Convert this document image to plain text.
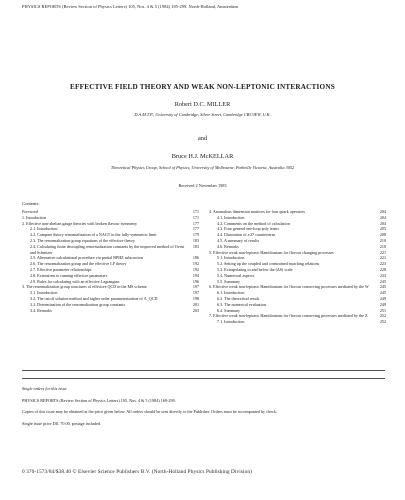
PHYSICS REPORTS (Review Section of Physics Letters) 105, Nos. 4 & 5 (1984) 185-299. North-Holland, Amsterdam
EFFECTIVE FIELD THEORY AND WEAK NON-LEPTONIC INTERACTIONS
Robert D.C. MILLER
D.A.M.T.P., University of Cambridge, Silver Street, Cambridge CB3 9EW, U.K.
and
Bruce H.J. McKELLAR
Theoretical Physics Group, School of Physics, University of Melbourne, Parkville Victoria, Australia 3052
Received 2 November 1983
Contents:
Foreword	171
1. Introduction	171
2. Effective non-abelian gauge theories with broken flavour symmetry	177
2.1. Introduction	177
2.2. Compare theory renormalization of a NAGT in the fully-symmetric limit	179
2.3. The renormalization group equations of the effective theory	183
2.4. Calculating finite decoupling renormalization constants by the improved method of Ovrut and Schnitzer
183
2.5. Alternative calculational procedure via partial BPHZ subtraction	186
2.6. The renormalization group and the effective LF theory	192
2.7. Effective parameter relationships	192
2.8. Extensions to running effective parameters	194
2.9. Rules for calculating with an effective Lagrangian	196
3. The renormalization group structures of effective QCD in the MS scheme	197
3.1. Introduction	197
3.2. The cutoff solution method and higher order parameterization of Λ_QCD	198
3.3. Determination of the renormalization group constants	201
3.4. Remarks	203
4. Anomalous dimension matrices for four quark operators	204
4.1. Introduction	204
4.2. Comments on the method of calculation	204
4.3. Four general one-loop poly terms	205
4.4. Illustration of a Z² counterterm	208
4.5. A summary of results	210
4.6. Remarks	218
5. Effective weak non-leptonic Hamiltonians for flavour changing processes	221
5.1. Introduction	221
5.2. Setting up the coupled and constrained matching relations	223
5.3. Extrapolating to and below the (ΔS) scale	228
5.4. Numerical aspects	233
5.5. Summary	245
6. Effective weak non-leptonic Hamiltonians for flavour conserving processes mediated by the W	245
6.1. Introduction	245
6.2. The theoretical result	249
6.3. The numerical evaluation	249
6.4. Summary	251
7. Effective weak non-leptonic Hamiltonians for flavour conserving processes mediated by the Z	252
7.1. Introduction	252

Single orders for this issue

PHYSICS REPORTS (Review Section of Physics Letters) 105, Nos. 4 & 5 (1984) 169-299.

Copies of this issue may be obtained at the price given below. All orders should be sent directly to the Publisher. Orders must be accompanied by check.

Single issue price Dfl. 70.00, postage included.

0 370-1573/84/$38.40 © Elsevier Science Publishers B.V. (North-Holland Physics Publishing Division)
